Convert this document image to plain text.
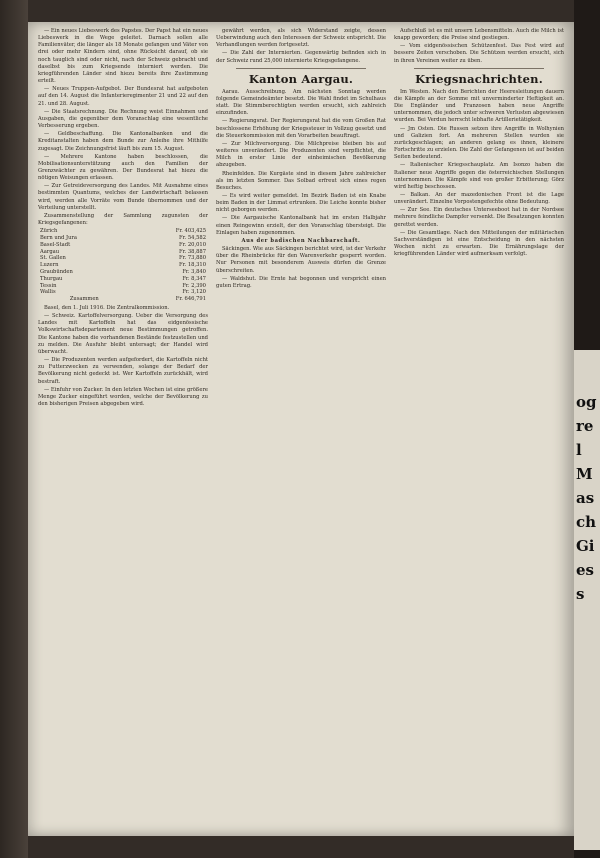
— Ein neues Liebeswerk des Papstes. Der Papst hat ein neues Liebeswerk in die Wege geleitet. Darnach sollen alle Familienväter, die länger als 18 Monate gefangen und Väter von drei oder mehr Kindern sind, ohne Rücksicht darauf, ob sie noch tauglich sind oder nicht, nach der Schweiz gebracht und daselbst bis zum Kriegsende interniert werden. Die kriegführenden Länder sind hiezu bereits ihre Zustimmung erteilt.

— Neues Truppen-Aufgebot. Der Bundesrat hat aufgeboten auf den 14. August die Infanterieregimenter 21 und 22 auf den 21. und 28. August.

— Die Staatsrechnung. Die Rechnung weist Einnahmen und Ausgaben, die gegenüber dem Voranschlag eine wesentliche Verbesserung ergeben.

— Geldbeschaffung. Die Kantonalbanken und die Kreditanstalten haben dem Bunde zur Anleihe ihre Mithilfe zugesagt. Die Zeichnungsfrist läuft bis zum 15. August.

— Mehrere Kantone haben beschlossen, die Mobilisationsunterstützung auch den Familien der Grenzwächter zu gewähren. Der Bundesrat hat hiezu die nötigen Weisungen erlassen.

— Zur Getreideversorgung des Landes. Mit Ausnahme eines bestimmten Quantums, welches der Landwirtschaft belassen wird, werden alle Vorräte vom Bunde übernommen und der Verteilung unterstellt.

Zusammenstellung der Sammlung zugunsten der Kriegsgefangenen:

Zürich	Fr. 403,425
Bern und Jura	Fr. 54,582
Basel-Stadt	Fr. 20,010
Aargau	Fr. 38,887
St. Gallen	Fr. 73,880
Luzern	Fr. 18,310
Graubünden	Fr. 3,840
Thurgau	Fr. 8,347
Tessin	Fr. 2,390
Wallis	Fr. 3,120
Zusammen	Fr. 646,791

Basel, den 1. Juli 1916. Die Zentralkommission.

— Schweiz. Kartoffelversorgung. Ueber die Versorgung des Landes mit Kartoffeln hat das eidgenössische Volkswirtschaftsdepartement neue Bestimmungen getroffen. Die Kantone haben die vorhandenen Bestände festzustellen und zu melden. Die Ausfuhr bleibt untersagt; der Handel wird überwacht.

— Die Produzenten werden aufgefordert, die Kartoffeln nicht zu Futterzwecken zu verwenden, solange der Bedarf der Bevölkerung nicht gedeckt ist. Wer Kartoffeln zurückhält, wird bestraft.

— Einfuhr von Zucker. In den letzten Wochen ist eine größere Menge Zucker eingeführt worden, welche der Bevölkerung zu den bisherigen Preisen abgegeben wird.

gewährt werden, als sich Widerstand zeigte, dessen Ueberwindung auch den Interessen der Schweiz entspricht. Die Verhandlungen werden fortgesetzt.

— Die Zahl der Internierten. Gegenwärtig befinden sich in der Schweiz rund 25,000 internierte Kriegsgefangene.

Kanton Aargau.

Aarau. Ausschreibung. Am nächsten Sonntag werden folgende Gemeindeämter besetzt. Die Wahl findet im Schulhaus statt. Die Stimmberechtigten werden ersucht, sich zahlreich einzufinden.

— Regierungsrat. Der Regierungsrat hat die vom Großen Rat beschlossene Erhöhung der Kriegssteuer in Vollzug gesetzt und die Steuerkommission mit den Vorarbeiten beauftragt.

— Zur Milchversorgung. Die Milchpreise bleiben bis auf weiteres unverändert. Die Produzenten sind verpflichtet, die Milch in erster Linie der einheimischen Bevölkerung abzugeben.

Rheinfelden. Die Kurgäste sind in diesem Jahre zahlreicher als im letzten Sommer. Das Solbad erfreut sich eines regen Besuches.

— Es wird weiter gemeldet. Im Bezirk Baden ist ein Knabe beim Baden in der Limmat ertrunken. Die Leiche konnte bisher nicht geborgen werden.

— Die Aargauische Kantonalbank hat im ersten Halbjahr einen Reingewinn erzielt, der den Voranschlag übersteigt. Die Einlagen haben zugenommen.

Aus der badischen Nachbarschaft.

Säckingen. Wie aus Säckingen berichtet wird, ist der Verkehr über die Rheinbrücke für den Warenverkehr gesperrt worden. Nur Personen mit besonderem Ausweis dürfen die Grenze überschreiten.

— Waldshut. Die Ernte hat begonnen und verspricht einen guten Ertrag.

Aufschluß ist es mit unsern Lebensmitteln. Auch die Milch ist knapp geworden; die Preise sind gestiegen.

— Vom eidgenössischen Schützenfest. Das Fest wird auf bessere Zeiten verschoben. Die Schützen werden ersucht, sich in ihren Vereinen weiter zu üben.

Kriegsnachrichten.

Im Westen. Nach den Berichten der Heeresleitungen dauern die Kämpfe an der Somme mit unverminderter Heftigkeit an. Die Engländer und Franzosen haben neue Angriffe unternommen, die jedoch unter schweren Verlusten abgewiesen wurden. Bei Verdun herrscht lebhafte Artillerietätigkeit.

— Jm Osten. Die Russen setzen ihre Angriffe in Wolhynien und Galizien fort. An mehreren Stellen wurden sie zurückgeschlagen; an anderen gelang es ihnen, kleinere Fortschritte zu erzielen. Die Zahl der Gefangenen ist auf beiden Seiten bedeutend.

— Italienischer Kriegsschauplatz. Am Isonzo haben die Italiener neue Angriffe gegen die österreichischen Stellungen unternommen. Die Kämpfe sind von großer Erbitterung; Görz wird heftig beschossen.

— Balkan. An der mazedonischen Front ist die Lage unverändert. Einzelne Vorpostengefechte ohne Bedeutung.

— Zur See. Ein deutsches Unterseeboot hat in der Nordsee mehrere feindliche Dampfer versenkt. Die Besatzungen konnten gerettet werden.

— Die Gesamtlage. Nach den Mitteilungen der militärischen Sachverständigen ist eine Entscheidung in den nächsten Wochen nicht zu erwarten. Die Ernährungslage der kriegführenden Länder wird aufmerksam verfolgt.

ogrel Masch Giess
